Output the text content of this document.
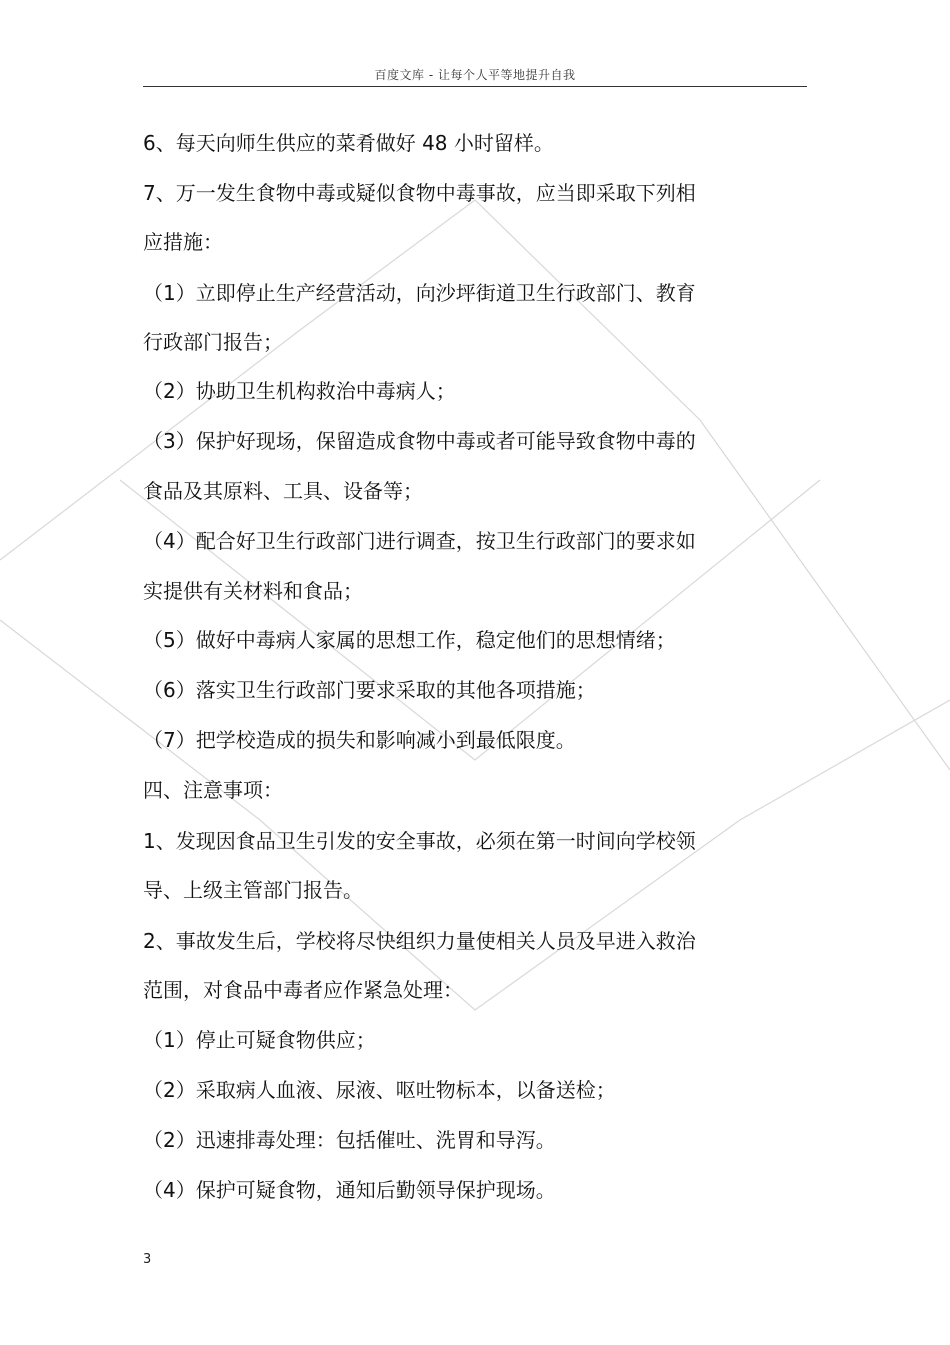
百度文库 - 让每个人平等地提升自我
6、每天向师生供应的菜肴做好 48 小时留样。
7、万一发生食物中毒或疑似食物中毒事故，应当即采取下列相
应措施：
（1）立即停止生产经营活动，向沙坪街道卫生行政部门、教育
行政部门报告；
（2）协助卫生机构救治中毒病人；
（3）保护好现场，保留造成食物中毒或者可能导致食物中毒的
食品及其原料、工具、设备等；
（4）配合好卫生行政部门进行调查，按卫生行政部门的要求如
实提供有关材料和食品；
（5）做好中毒病人家属的思想工作，稳定他们的思想情绪；
（6）落实卫生行政部门要求采取的其他各项措施；
（7）把学校造成的损失和影响减小到最低限度。
四、注意事项：
1、发现因食品卫生引发的安全事故，必须在第一时间向学校领
导、上级主管部门报告。
2、事故发生后，学校将尽快组织力量使相关人员及早进入救治
范围，对食品中毒者应作紧急处理：
（1）停止可疑食物供应；
（2）采取病人血液、尿液、呕吐物标本，以备送检；
（2）迅速排毒处理：包括催吐、洗胃和导泻。
（4）保护可疑食物，通知后勤领导保护现场。
3
